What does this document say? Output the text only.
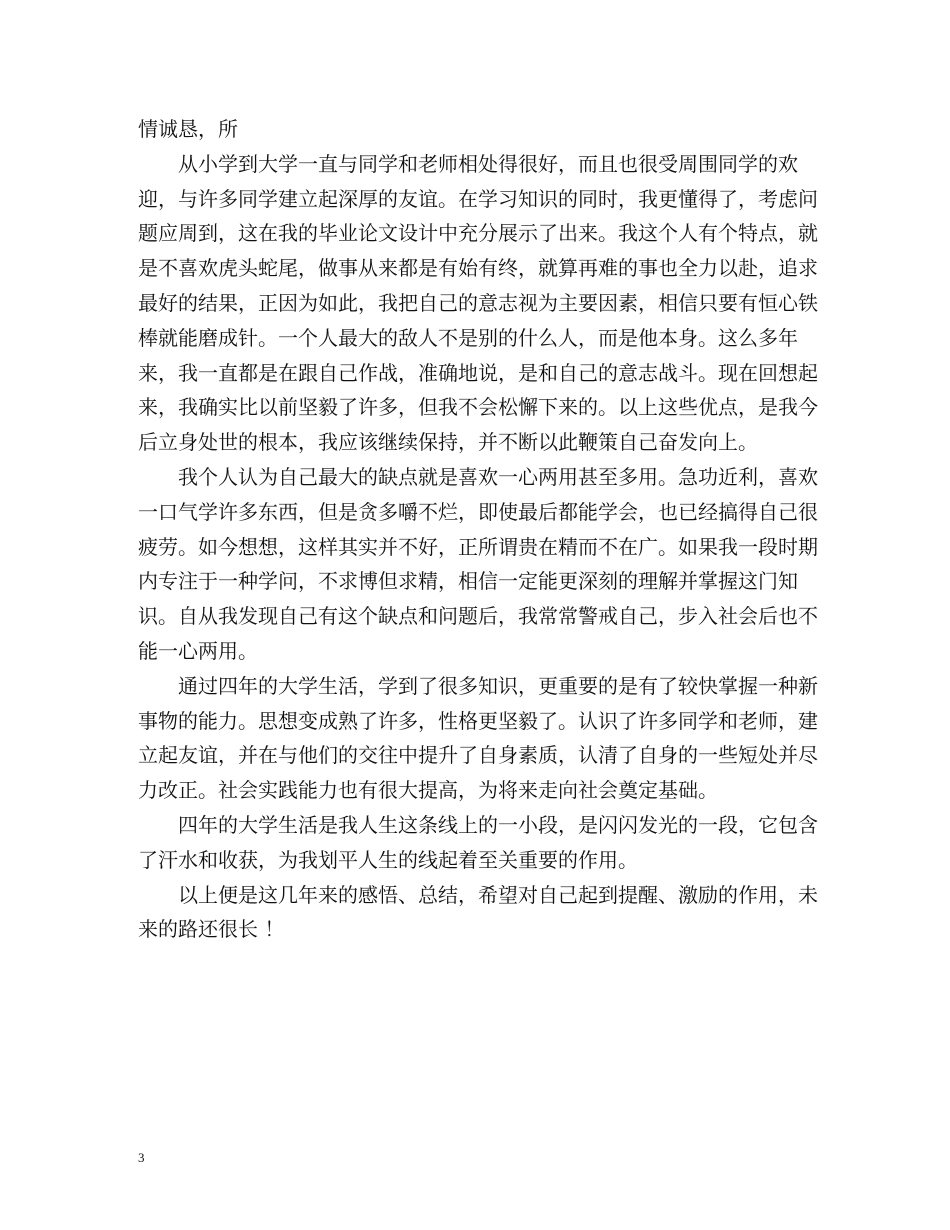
情诚恳，所

从小学到大学一直与同学和老师相处得很好，而且也很受周围同学的欢迎，与许多同学建立起深厚的友谊。在学习知识的同时，我更懂得了，考虑问题应周到，这在我的毕业论文设计中充分展示了出来。我这个人有个特点，就是不喜欢虎头蛇尾，做事从来都是有始有终，就算再难的事也全力以赴，追求最好的结果，正因为如此，我把自己的意志视为主要因素，相信只要有恒心铁棒就能磨成针。一个人最大的敌人不是别的什么人，而是他本身。这么多年来，我一直都是在跟自己作战，准确地说，是和自己的意志战斗。现在回想起来，我确实比以前坚毅了许多，但我不会松懈下来的。以上这些优点，是我今后立身处世的根本，我应该继续保持，并不断以此鞭策自己奋发向上。

我个人认为自己最大的缺点就是喜欢一心两用甚至多用。急功近利，喜欢一口气学许多东西，但是贪多嚼不烂，即使最后都能学会，也已经搞得自己很疲劳。如今想想，这样其实并不好，正所谓贵在精而不在广。如果我一段时期内专注于一种学问，不求博但求精，相信一定能更深刻的理解并掌握这门知识。自从我发现自己有这个缺点和问题后，我常常警戒自己，步入社会后也不能一心两用。

通过四年的大学生活，学到了很多知识，更重要的是有了较快掌握一种新事物的能力。思想变成熟了许多，性格更坚毅了。认识了许多同学和老师，建立起友谊，并在与他们的交往中提升了自身素质，认清了自身的一些短处并尽力改正。社会实践能力也有很大提高，为将来走向社会奠定基础。

四年的大学生活是我人生这条线上的一小段，是闪闪发光的一段，它包含了汗水和收获，为我划平人生的线起着至关重要的作用。

以上便是这几年来的感悟、总结，希望对自己起到提醒、激励的作用，未来的路还很长 ！

3
